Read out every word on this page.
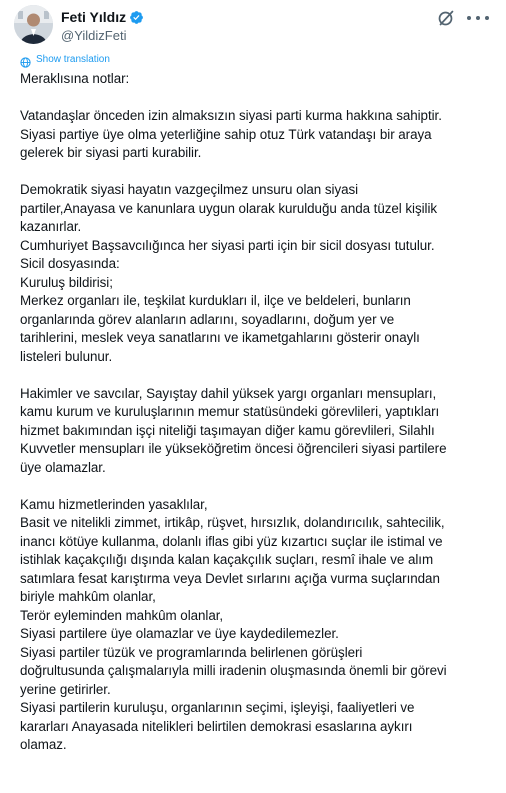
Feti Yıldız
@YildizFeti
Show translation
Meraklısına notlar:
Vatandaşlar önceden izin almaksızın siyasi parti kurma hakkına sahiptir.
Siyasi partiye üye olma yeterliğine sahip otuz Türk vatandaşı bir araya
gelerek bir siyasi parti kurabilir.
Demokratik siyasi hayatın vazgeçilmez unsuru olan siyasi
partiler,Anayasa ve kanunlara uygun olarak kurulduğu anda tüzel kişilik
kazanırlar.
Cumhuriyet Başsavcılığınca her siyasi parti için bir sicil dosyası tutulur.
Sicil dosyasında:
Kuruluş bildirisi;
Merkez organları ile, teşkilat kurdukları il, ilçe ve beldeleri, bunların
organlarında görev alanların adlarını, soyadlarını, doğum yer ve
tarihlerini, meslek veya sanatlarını ve ikametgahlarını gösterir onaylı
listeleri bulunur.
Hakimler ve savcılar, Sayıştay dahil yüksek yargı organları mensupları,
kamu kurum ve kuruluşlarının memur statüsündeki görevlileri, yaptıkları
hizmet bakımından işçi niteliği taşımayan diğer kamu görevlileri, Silahlı
Kuvvetler mensupları ile yükseköğretim öncesi öğrencileri siyasi partilere
üye olamazlar.
Kamu hizmetlerinden yasaklılar,
Basit ve nitelikli zimmet, irtikâp, rüşvet, hırsızlık, dolandırıcılık, sahtecilik,
inancı kötüye kullanma, dolanlı iflas gibi yüz kızartıcı suçlar ile istimal ve
istihlak kaçakçılığı dışında kalan kaçakçılık suçları, resmî ihale ve alım
satımlara fesat karıştırma veya Devlet sırlarını açığa vurma suçlarından
biriyle mahkûm olanlar,
Terör eyleminden mahkûm olanlar,
Siyasi partilere üye olamazlar ve üye kaydedilemezler.
Siyasi partiler tüzük ve programlarında belirlenen görüşleri
doğrultusunda çalışmalarıyla milli iradenin oluşmasında önemli bir görevi
yerine getirirler.
Siyasi partilerin kuruluşu, organlarının seçimi, işleyişi, faaliyetleri ve
kararları Anayasada nitelikleri belirtilen demokrasi esaslarına aykırı
olamaz.
